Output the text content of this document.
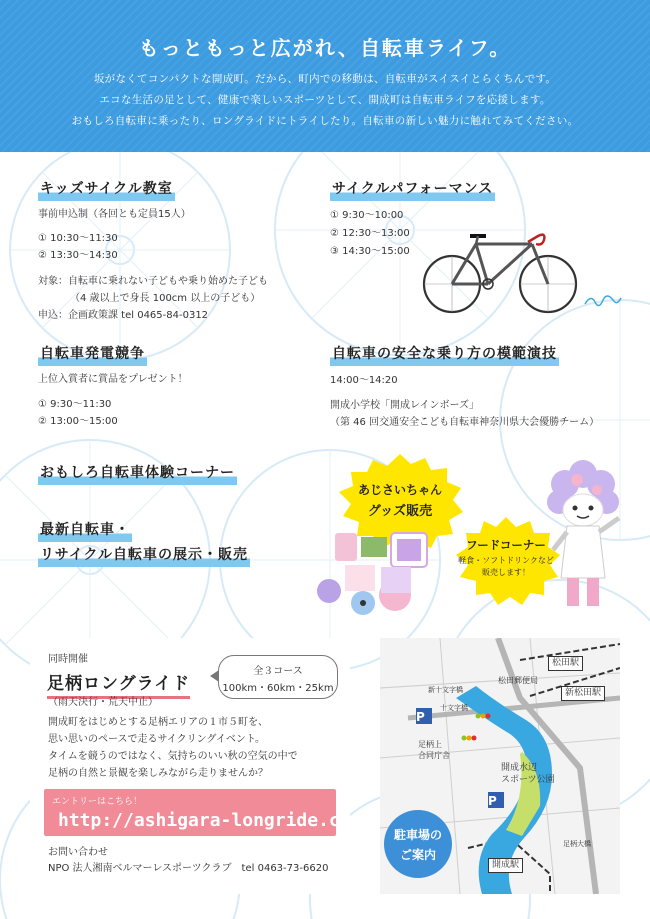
もっともっと広がれ、自転車ライフ。

坂がなくてコンパクトな開成町。だから、町内での移動は、自転車がスイスイとらくちんです。

エコな生活の足として、健康で楽しいスポーツとして、開成町は自転車ライフを応援します。

おもしろ自転車に乗ったり、ロングライドにトライしたり。自転車の新しい魅力に触れてみてください。

キッズサイクル教室
事前申込制（各回とも定員15人）
① 10:30～11:30
② 13:30～14:30
対象：自転車に乗れない子どもや乗り始めた子ども
（4 歳以上で身長 100cm 以上の子ども）
申込：企画政策課 tel 0465-84-0312
サイクルパフォーマンス
① 9:30～10:00
② 12:30～13:00
③ 14:30～15:00
自転車発電競争
上位入賞者に賞品をプレゼント！
① 9:30～11:30
② 13:00～15:00
自転車の安全な乗り方の模範演技
14:00～14:20
開成小学校「開成レインボーズ」
（第 46 回交通安全こども自転車神奈川県大会優勝チーム）
おもしろ自転車体験コーナー
最新自転車・
リサイクル自転車の展示・販売
あじさいちゃん
グッズ販売
フードコーナー
軽食・ソフトドリンクなど
販売します！
同時開催
足柄ロングライド
全３コース
100km・60km・25km
（雨天決行・荒天中止）
開成町をはじめとする足柄エリアの１市５町を、
思い思いのペースで走るサイクリングイベント。
タイムを競うのではなく、気持ちのいい秋の空気の中で
足柄の自然と景観を楽しみながら走りませんか？
エントリーはこちら！
http://ashigara-longride.com
お問い合わせ
NPO 法人湘南ベルマーレスポーツクラブ　tel 0463-73-6620
松田駅
新松田駅
新十文字橋
十文字橋
松田郵便局
足柄上
合同庁舎
開成水辺
スポーツ公園
足柄大橋
開成駅
P
P
駐車場の
ご案内
